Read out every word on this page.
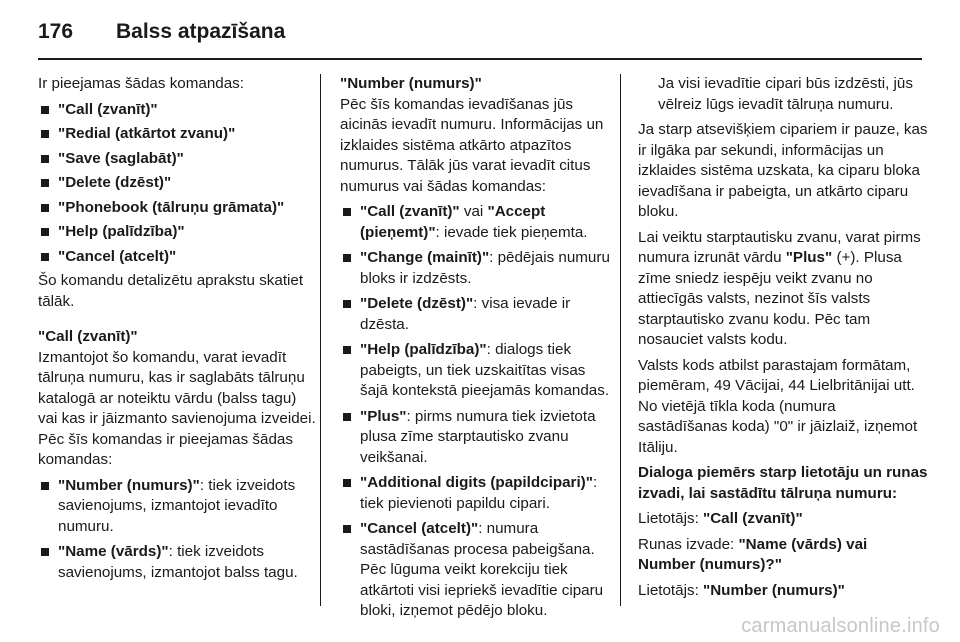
176 Balss atpazīšana

Ir pieejamas šādas komandas:

"Call (zvanīt)"
"Redial (atkārtot zvanu)"
"Save (saglabāt)"
"Delete (dzēst)"
"Phonebook (tālruņu grāmata)"
"Help (palīdzība)"
"Cancel (atcelt)"

Šo komandu detalizētu aprakstu skatiet tālāk.

"Call (zvanīt)"

Izmantojot šo komandu, varat ievadīt tālruņa numuru, kas ir saglabāts tālruņu katalogā ar noteiktu vārdu (balss tagu) vai kas ir jāizmanto savienojuma izveidei. Pēc šīs komandas ir pieejamas šādas komandas:

"Number (numurs)": tiek izveidots savienojums, izmantojot ievadīto numuru.
"Name (vārds)": tiek izveidots savienojums, izmantojot balss tagu.

"Number (numurs)"

Pēc šīs komandas ievadīšanas jūs aicinās ievadīt numuru. Informācijas un izklaides sistēma atkārto atpazītos numurus. Tālāk jūs varat ievadīt citus numurus vai šādas komandas:

"Call (zvanīt)" vai "Accept (pieņemt)": ievade tiek pieņemta.
"Change (mainīt)": pēdējais numuru bloks ir izdzēsts.
"Delete (dzēst)": visa ievade ir dzēsta.
"Help (palīdzība)": dialogs tiek pabeigts, un tiek uzskaitītas visas šajā kontekstā pieejamās komandas.
"Plus": pirms numura tiek izvietota plusa zīme starptautisko zvanu veikšanai.
"Additional digits (papildcipari)": tiek pievienoti papildu cipari.
"Cancel (atcelt)": numura sastādīšanas procesa pabeigšana. Pēc lūguma veikt korekciju tiek atkārtoti visi iepriekš ievadītie ciparu bloki, izņemot pēdējo bloku.

Ja visi ievadītie cipari būs izdzēsti, jūs vēlreiz lūgs ievadīt tālruņa numuru.

Ja starp atsevišķiem cipariem ir pauze, kas ir ilgāka par sekundi, informācijas un izklaides sistēma uzskata, ka ciparu bloka ievadīšana ir pabeigta, un atkārto ciparu bloku.

Lai veiktu starptautisku zvanu, varat pirms numura izrunāt vārdu "Plus" (+). Plusa zīme sniedz iespēju veikt zvanu no attiecīgās valsts, nezinot šīs valsts starptautisko zvanu kodu. Pēc tam nosauciet valsts kodu.

Valsts kods atbilst parastajam formātam, piemēram, 49 Vācijai, 44 Lielbritānijai utt. No vietējā tīkla koda (numura sastādīšanas koda) "0" ir jāizlaiž, izņemot Itāliju.

Dialoga piemērs starp lietotāju un runas izvadi, lai sastādītu tālruņa numuru:

Lietotājs: "Call (zvanīt)"

Runas izvade: "Name (vārds) vai Number (numurs)?"

Lietotājs: "Number (numurs)"

carmanualsonline.info
